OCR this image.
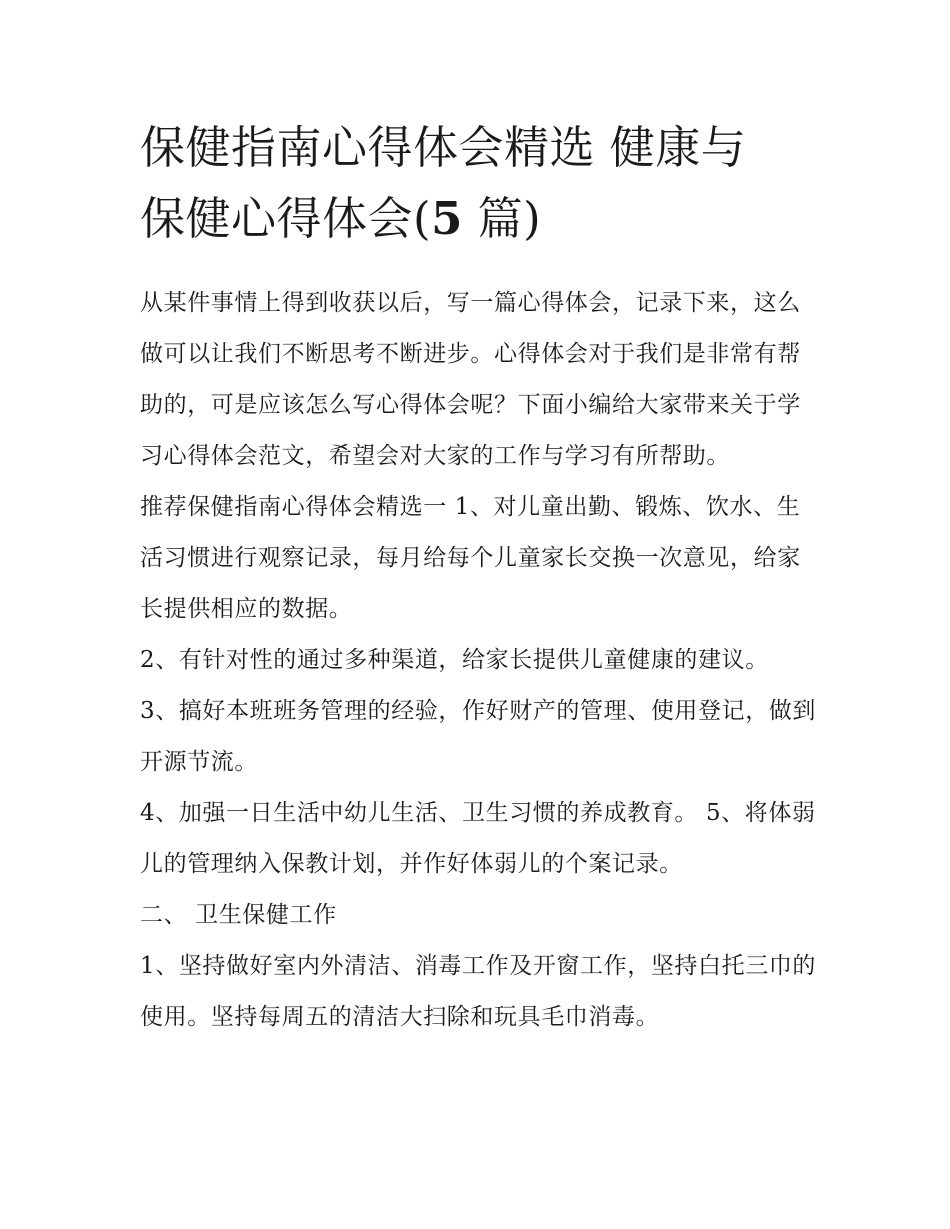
保健指南心得体会精选 健康与
保健心得体会(5 篇)

从某件事情上得到收获以后，写一篇心得体会，记录下来，这么做可以让我们不断思考不断进步。心得体会对于我们是非常有帮助的，可是应该怎么写心得体会呢？下面小编给大家带来关于学习心得体会范文，希望会对大家的工作与学习有所帮助。

推荐保健指南心得体会精选一 1、对儿童出勤、锻炼、饮水、生活习惯进行观察记录，每月给每个儿童家长交换一次意见，给家长提供相应的数据。

2、有针对性的通过多种渠道，给家长提供儿童健康的建议。

3、搞好本班班务管理的经验，作好财产的管理、使用登记，做到开源节流。

4、加强一日生活中幼儿生活、卫生习惯的养成教育。 5、将体弱儿的管理纳入保教计划，并作好体弱儿的个案记录。

二、 卫生保健工作

1、坚持做好室内外清洁、消毒工作及开窗工作，坚持白托三巾的使用。坚持每周五的清洁大扫除和玩具毛巾消毒。
